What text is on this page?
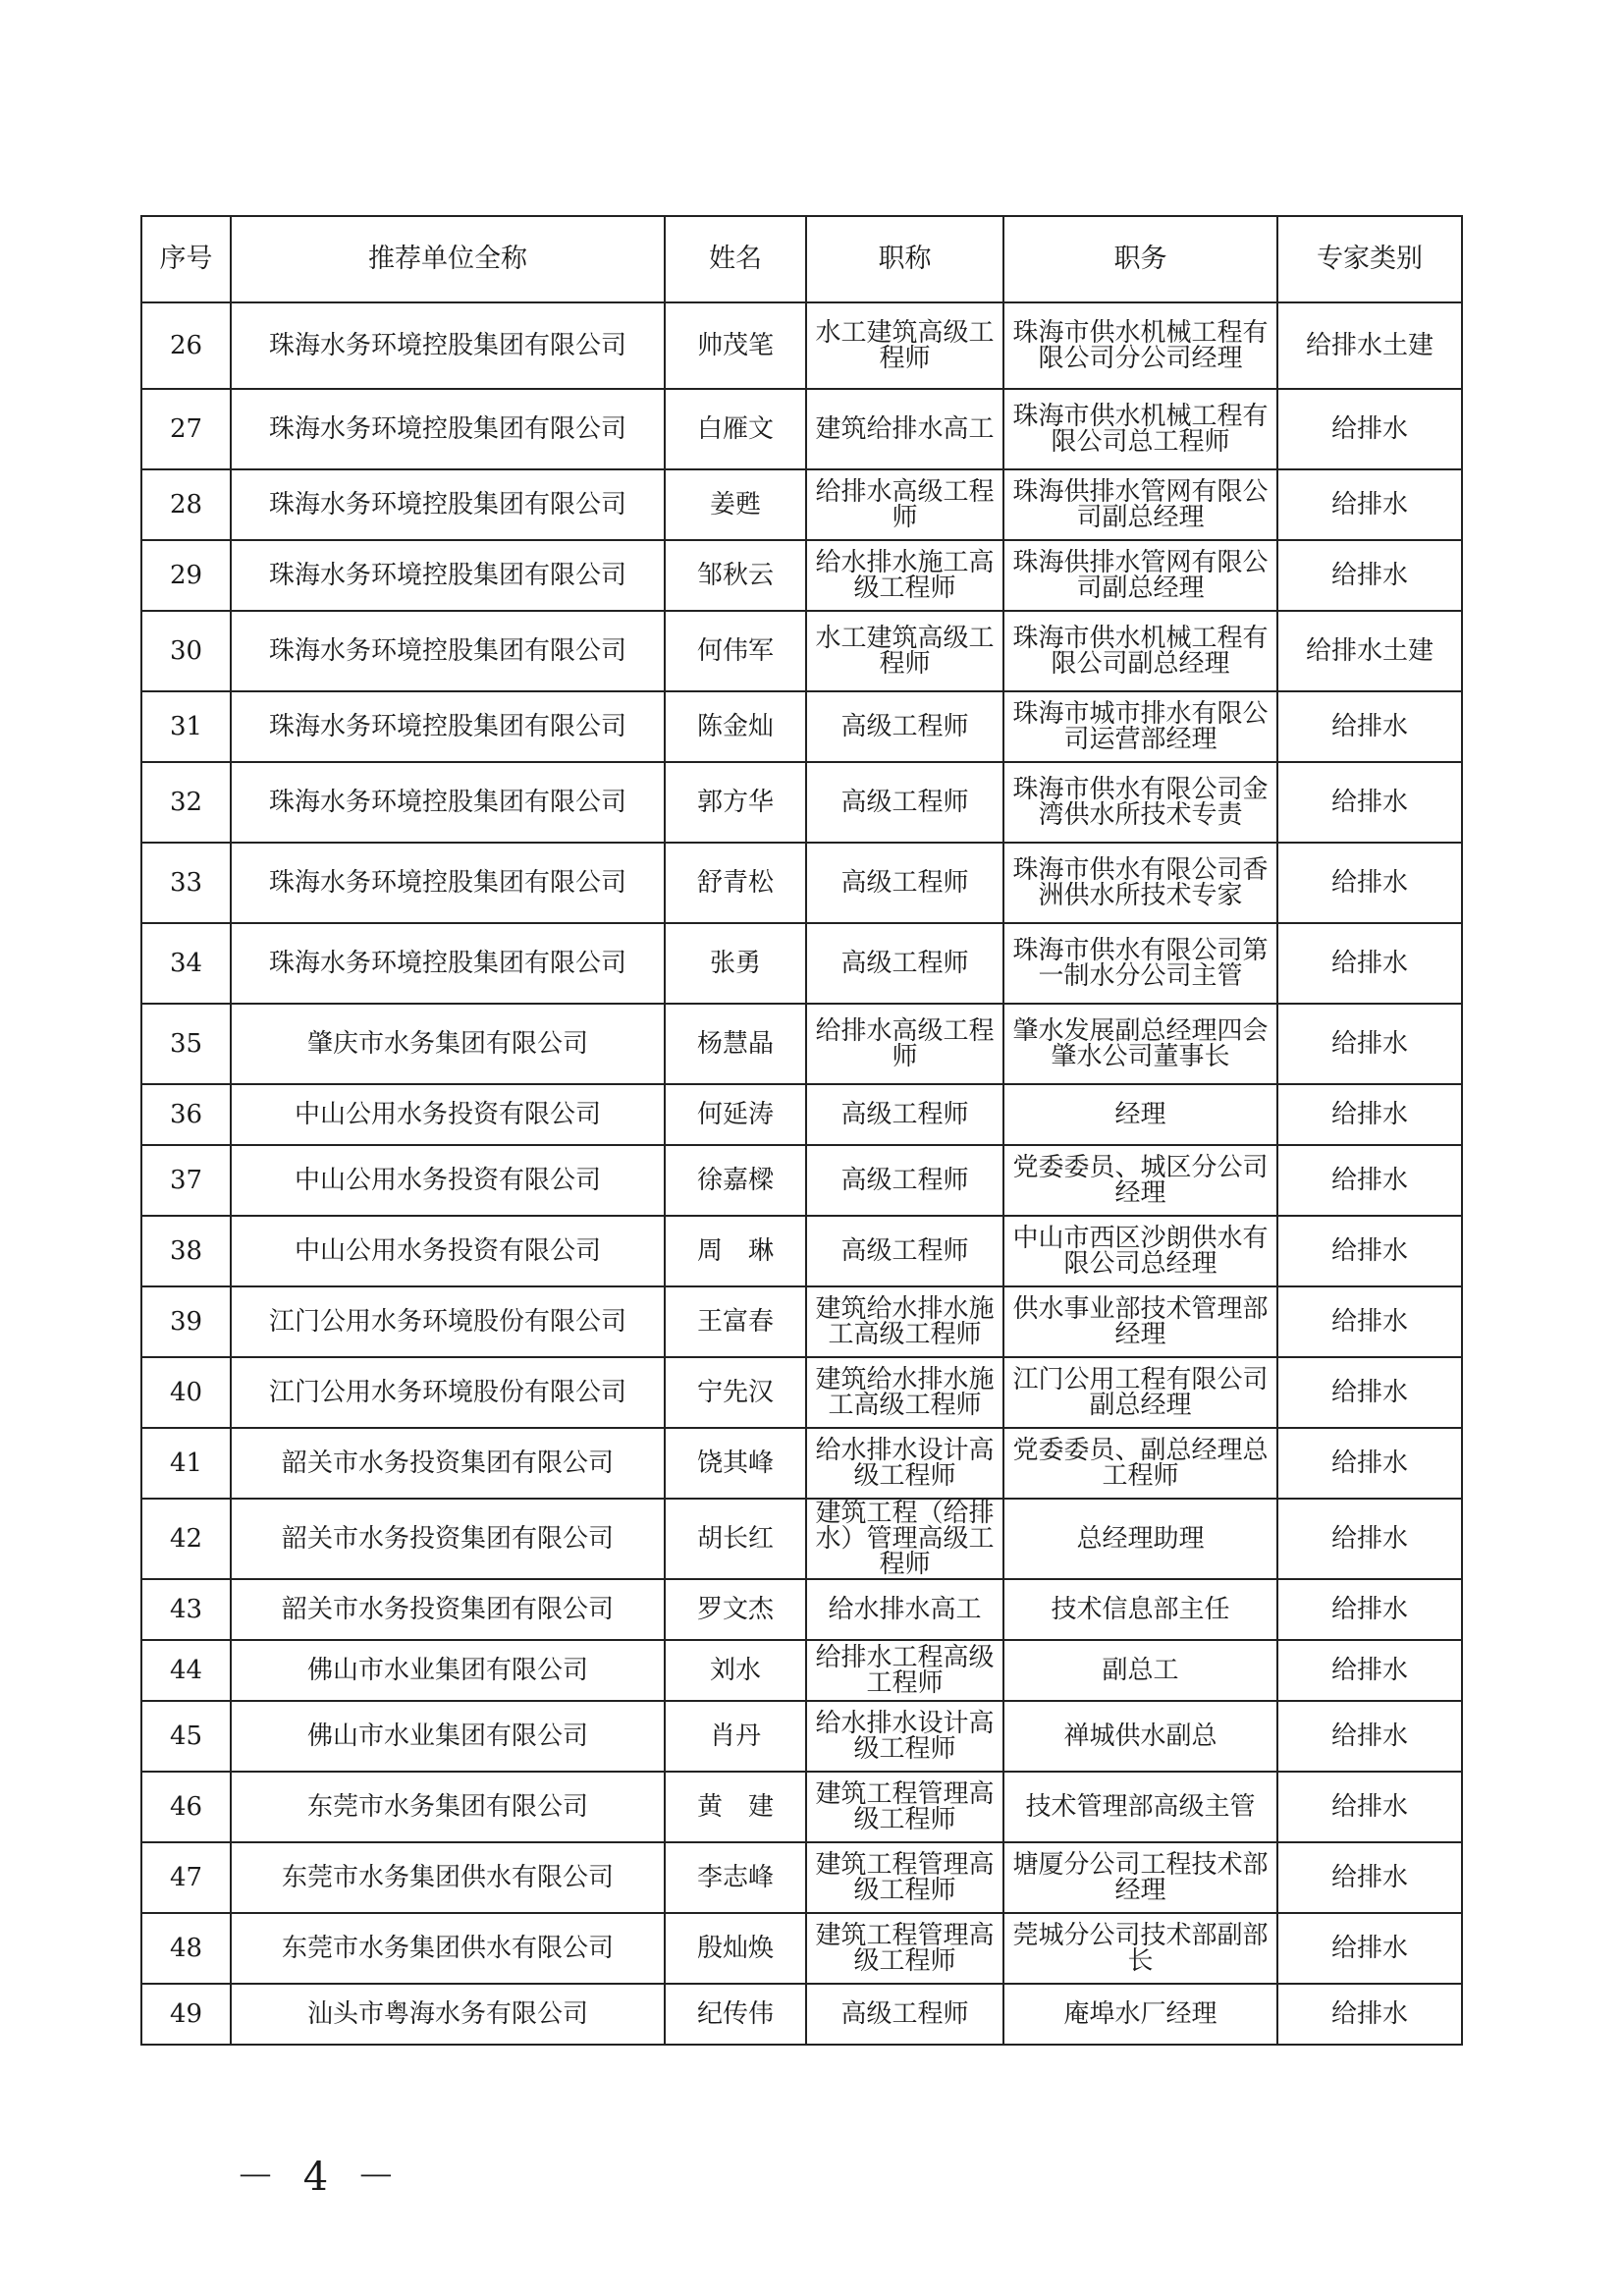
序号	推荐单位全称	姓名	职称	职务	专家类别
26	珠海水务环境控股集团有限公司	帅茂笔	水工建筑高级工程师	珠海市供水机械工程有限公司分公司经理	给排水土建
27	珠海水务环境控股集团有限公司	白雁文	建筑给排水高工	珠海市供水机械工程有限公司总工程师	给排水
28	珠海水务环境控股集团有限公司	姜甦	给排水高级工程师	珠海供排水管网有限公司副总经理	给排水
29	珠海水务环境控股集团有限公司	邹秋云	给水排水施工高级工程师	珠海供排水管网有限公司副总经理	给排水
30	珠海水务环境控股集团有限公司	何伟军	水工建筑高级工程师	珠海市供水机械工程有限公司副总经理	给排水土建
31	珠海水务环境控股集团有限公司	陈金灿	高级工程师	珠海市城市排水有限公司运营部经理	给排水
32	珠海水务环境控股集团有限公司	郭方华	高级工程师	珠海市供水有限公司金湾供水所技术专责	给排水
33	珠海水务环境控股集团有限公司	舒青松	高级工程师	珠海市供水有限公司香洲供水所技术专家	给排水
34	珠海水务环境控股集团有限公司	张勇	高级工程师	珠海市供水有限公司第一制水分公司主管	给排水
35	肇庆市水务集团有限公司	杨慧晶	给排水高级工程师	肇水发展副总经理四会肇水公司董事长	给排水
36	中山公用水务投资有限公司	何延涛	高级工程师	经理	给排水
37	中山公用水务投资有限公司	徐嘉樑	高级工程师	党委委员、城区分公司经理	给排水
38	中山公用水务投资有限公司	周　琳	高级工程师	中山市西区沙朗供水有限公司总经理	给排水
39	江门公用水务环境股份有限公司	王富春	建筑给水排水施工高级工程师	供水事业部技术管理部经理	给排水
40	江门公用水务环境股份有限公司	宁先汉	建筑给水排水施工高级工程师	江门公用工程有限公司副总经理	给排水
41	韶关市水务投资集团有限公司	饶其峰	给水排水设计高级工程师	党委委员、副总经理总工程师	给排水
42	韶关市水务投资集团有限公司	胡长红	建筑工程（给排水）管理高级工程师	总经理助理	给排水
43	韶关市水务投资集团有限公司	罗文杰	给水排水高工	技术信息部主任	给排水
44	佛山市水业集团有限公司	刘水	给排水工程高级工程师	副总工	给排水
45	佛山市水业集团有限公司	肖丹	给水排水设计高级工程师	禅城供水副总	给排水
46	东莞市水务集团有限公司	黄　建	建筑工程管理高级工程师	技术管理部高级主管	给排水
47	东莞市水务集团供水有限公司	李志峰	建筑工程管理高级工程师	塘厦分公司工程技术部经理	给排水
48	东莞市水务集团供水有限公司	殷灿焕	建筑工程管理高级工程师	莞城分公司技术部副部长	给排水
49	汕头市粤海水务有限公司	纪传伟	高级工程师	庵埠水厂经理	给排水
－ 4 －
